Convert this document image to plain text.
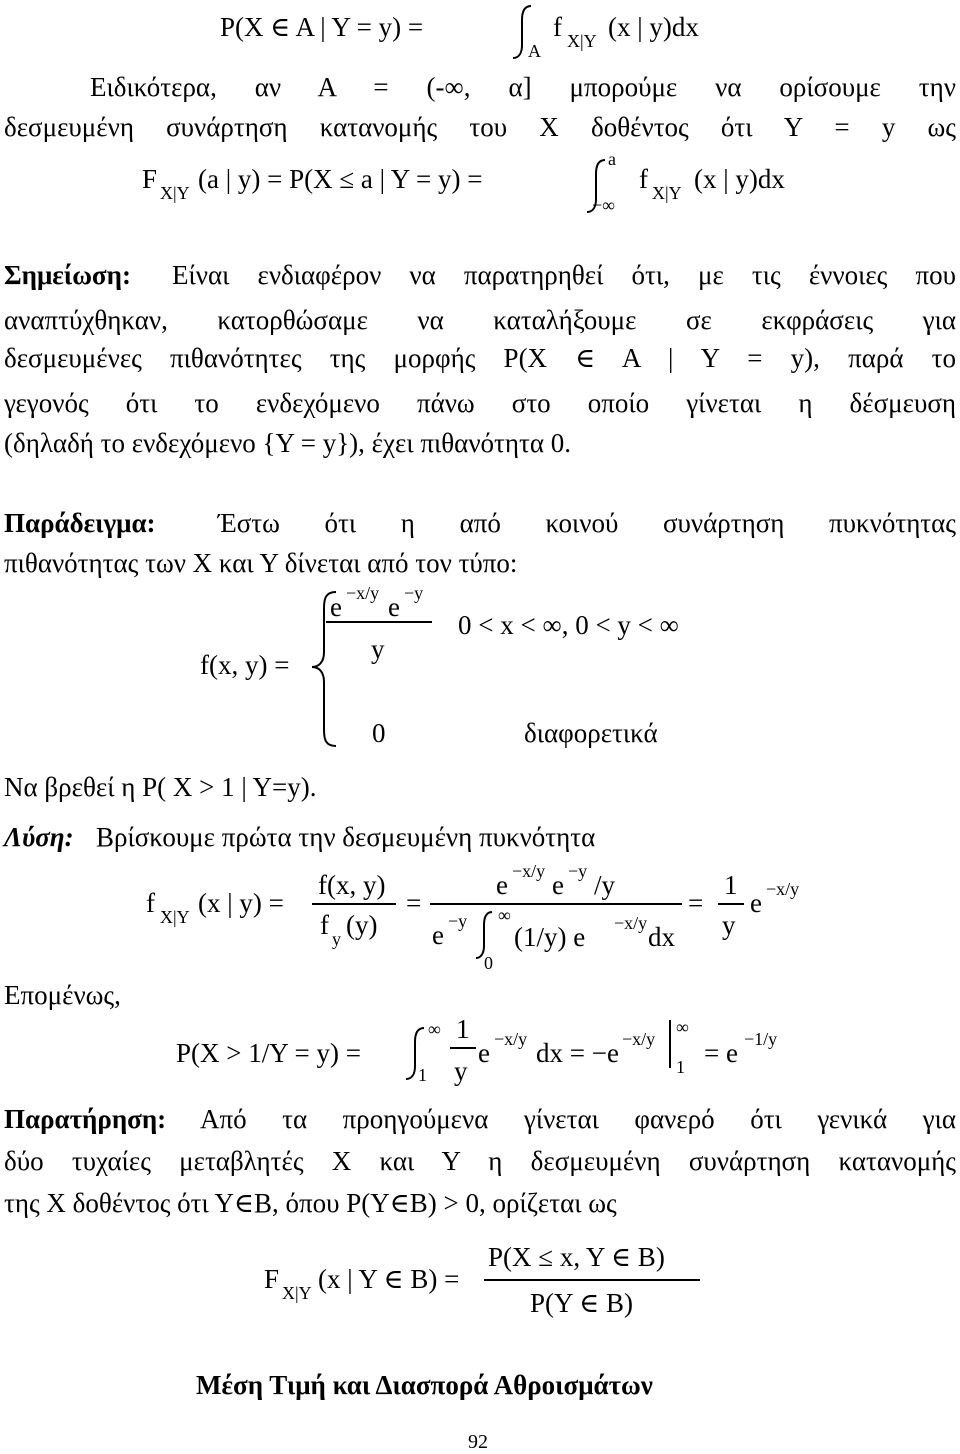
P(X ∈ A | Y = y) =
A
f X|Y (x | y)dx
Ειδικότερα, αν Α = (-∞, α] μπορούμε να ορίσουμε την
δεσμευμένη συνάρτηση κατανομής του Χ δοθέντος ότι Υ = y ως
F X|Y (a | y) = P(X ≤ a | Y = y) =
a
−∞
f X|Y (x | y)dx
Σημείωση: Είναι ενδιαφέρον να παρατηρηθεί ότι, με τις έννοιες που
αναπτύχθηκαν, κατορθώσαμε να καταλήξουμε σε εκφράσεις για
δεσμευμένες πιθανότητες της μορφής P(X ∈ A | Y = y), παρά το
γεγονός ότι το ενδεχόμενο πάνω στο οποίο γίνεται η δέσμευση
(δηλαδή το ενδεχόμενο {Υ = y}), έχει πιθανότητα 0.
Παράδειγμα: Έστω ότι η από κοινού συνάρτηση πυκνότητας
πιθανότητας των Χ και Υ δίνεται από τον τύπο:
f(x, y) =
e −x/y e −y
y
0 < x < ∞, 0 < y < ∞
0	διαφορετικά
Να βρεθεί η P( X > 1 | Y=y).
Λύση: Βρίσκουμε πρώτα την δεσμευμένη πυκνότητα
f X|Y (x | y) =
f(x, y)
f y (y)
=
e −x/y e −y /y
e −y ∞
0
(1/y) e −x/y dx
=
1
y
e −x/y
Επομένως,
P(X > 1/Y = y) =
∞
1
1
y
e −x/y dx = −e −x/y
∞
1 = e −1/y
Παρατήρηση: Από τα προηγούμενα γίνεται φανερό ότι γενικά για
δύο τυχαίες μεταβλητές Χ και Υ η δεσμευμένη συνάρτηση κατανομής
της Χ δοθέντος ότι Υ∈Β, όπου P(Y∈B) > 0, ορίζεται ως
F X|Y (x | Y ∈ B) =
P(X ≤ x, Y ∈ B)
P(Y ∈ B)
Μέση Τιμή και Διασπορά Αθροισμάτων
92
